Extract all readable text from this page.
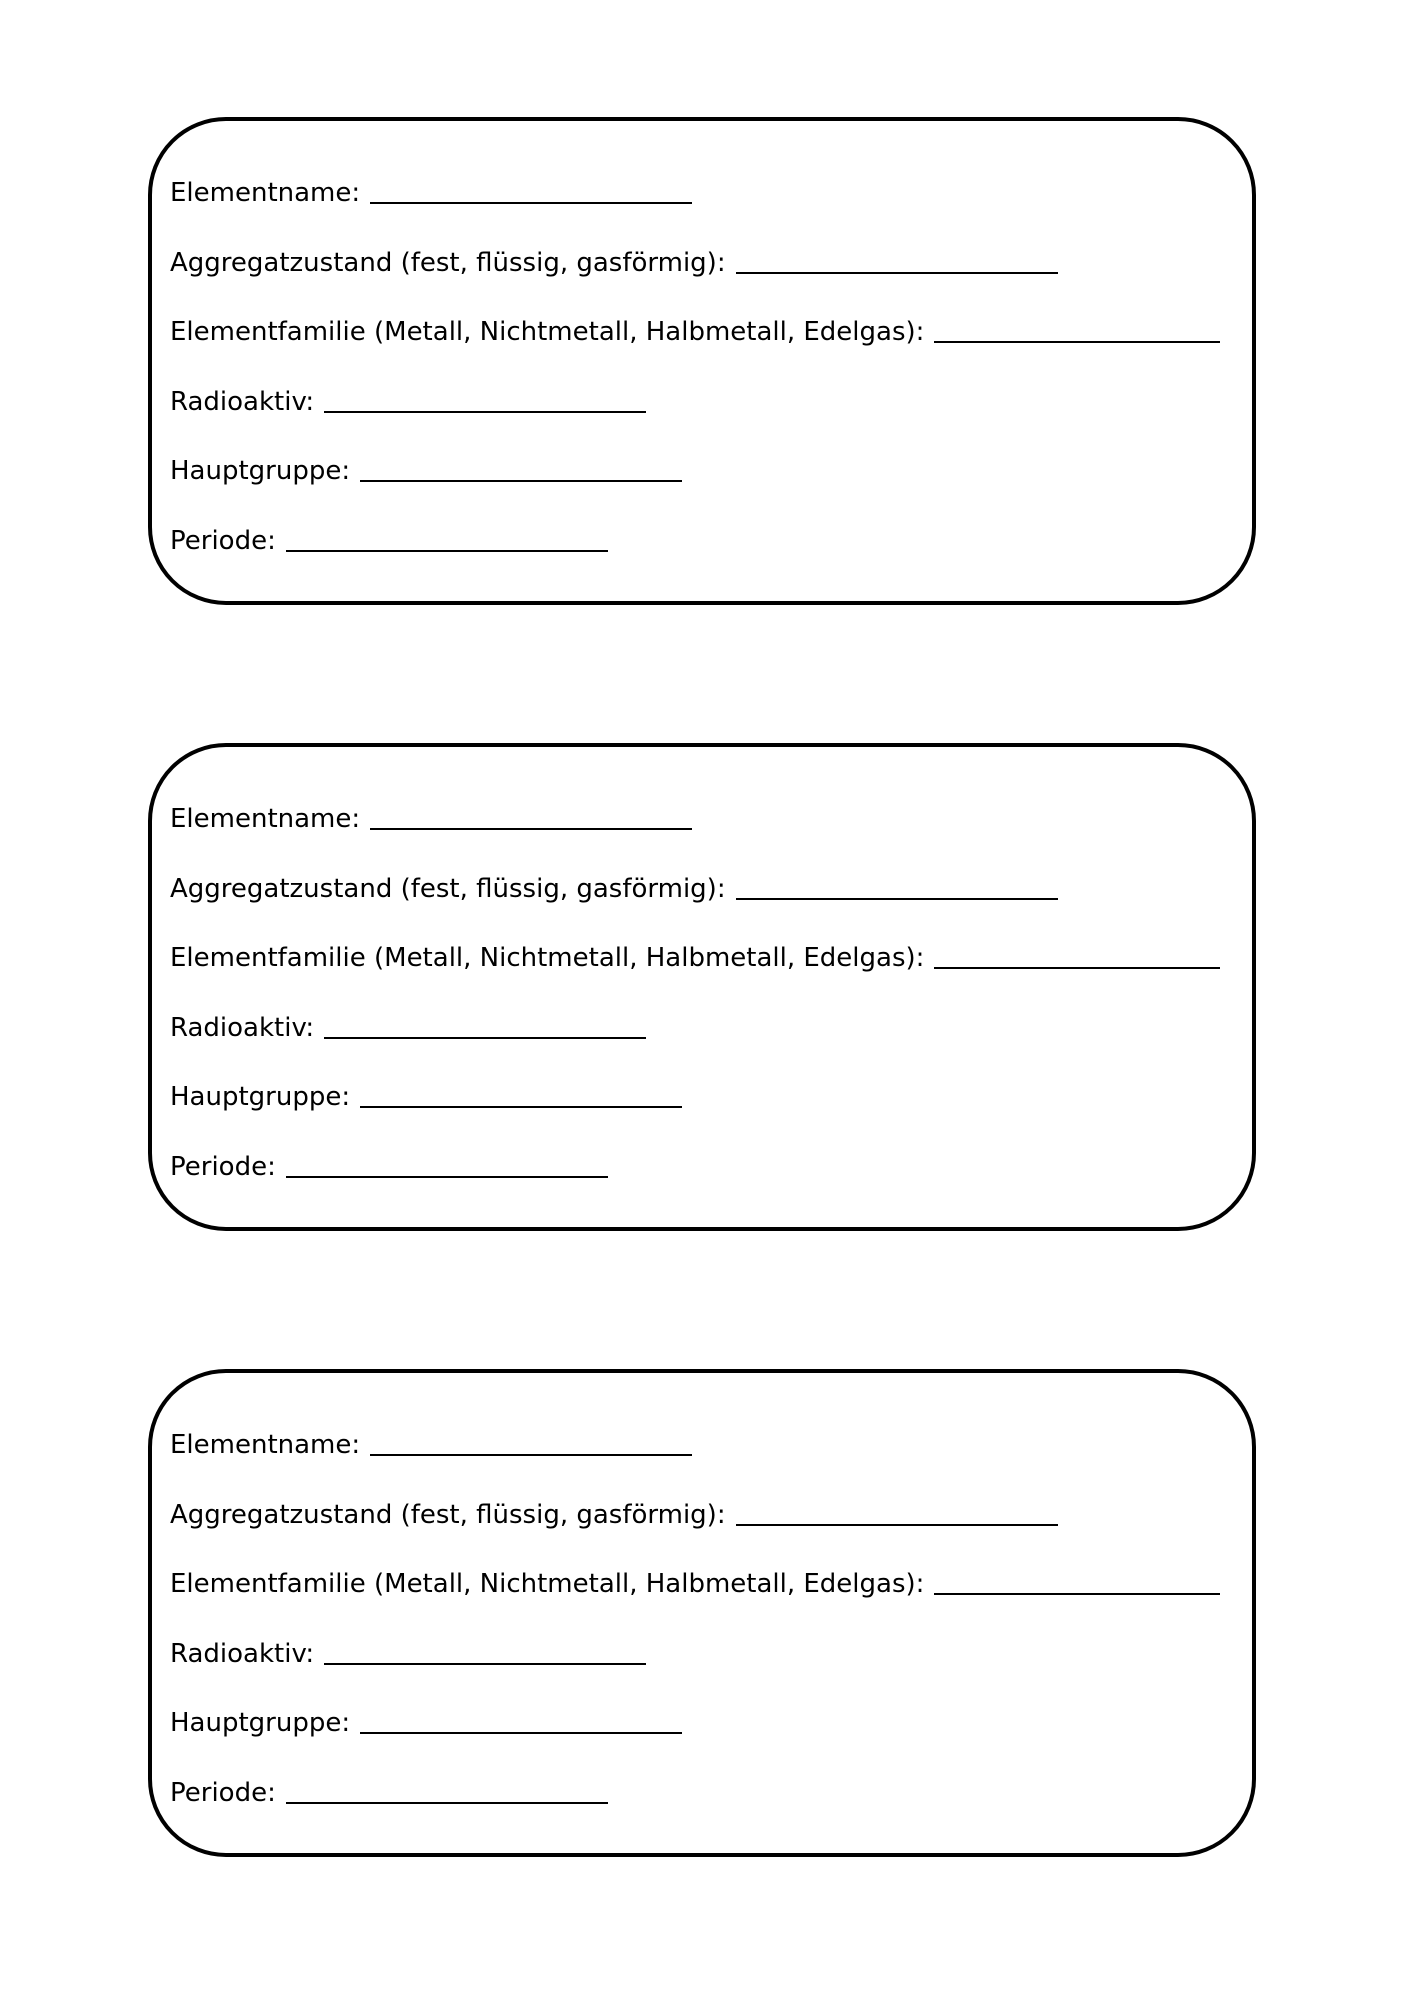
Elementname:
Aggregatzustand (fest, flüssig, gasförmig):
Elementfamilie (Metall, Nichtmetall, Halbmetall, Edelgas):
Radioaktiv:
Hauptgruppe:
Periode:
Elementname:
Aggregatzustand (fest, flüssig, gasförmig):
Elementfamilie (Metall, Nichtmetall, Halbmetall, Edelgas):
Radioaktiv:
Hauptgruppe:
Periode:
Elementname:
Aggregatzustand (fest, flüssig, gasförmig):
Elementfamilie (Metall, Nichtmetall, Halbmetall, Edelgas):
Radioaktiv:
Hauptgruppe:
Periode:
